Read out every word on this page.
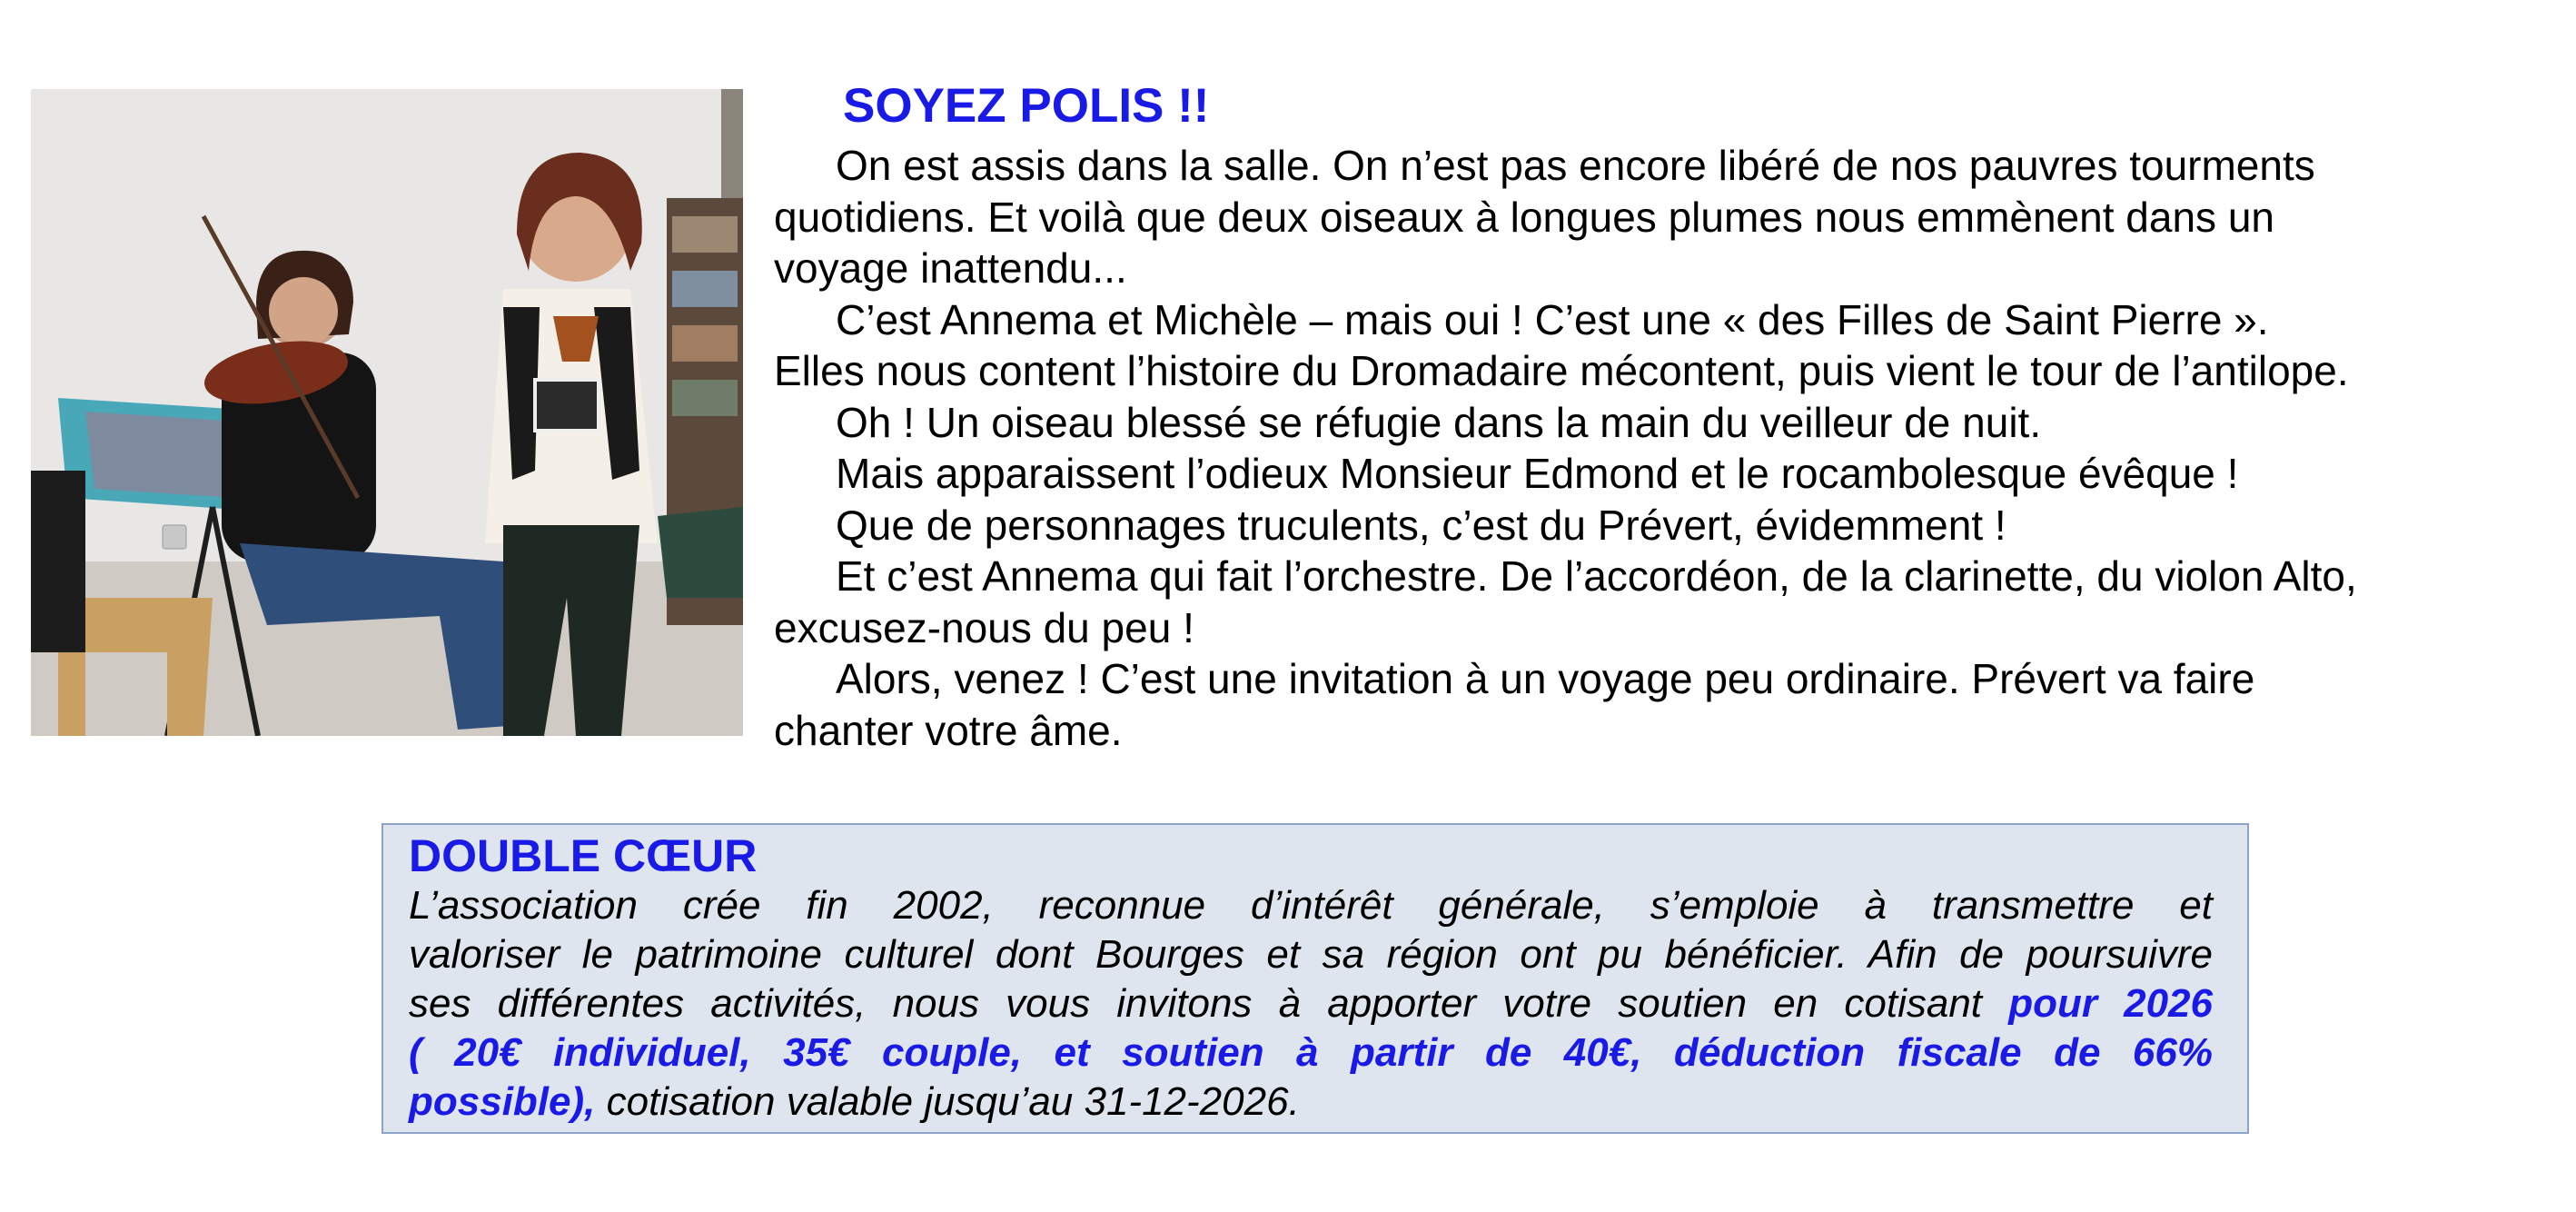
SOYEZ POLIS !!

On est assis dans la salle. On n’est pas encore libéré de nos pauvres tourments
quotidiens. Et voilà que deux oiseaux à longues plumes nous emmènent dans un
voyage inattendu...

C’est Annema et Michèle – mais oui ! C’est une « des Filles de Saint Pierre ».
Elles nous content l’histoire du Dromadaire mécontent, puis vient le tour de l’antilope.

Oh ! Un oiseau blessé se réfugie dans la main du veilleur de nuit.

Mais apparaissent l’odieux Monsieur Edmond et le rocambolesque évêque !

Que de personnages truculents, c’est du Prévert, évidemment !

Et c’est Annema qui fait l’orchestre. De l’accordéon, de la clarinette, du violon Alto,
excusez-nous du peu !

Alors, venez ! C’est une invitation à un voyage peu ordinaire. Prévert va faire
chanter votre âme.

DOUBLE CŒUR
L’association crée fin 2002, reconnue d’intérêt générale, s’emploie à transmettre et
valoriser le patrimoine culturel dont Bourges et sa région ont pu bénéficier. Afin de poursuivre
ses différentes activités, nous vous invitons à apporter votre soutien en cotisant pour 2026
( 20€ individuel, 35€ couple, et soutien à partir de 40€, déduction fiscale de 66%
possible), cotisation valable jusqu’au 31-12-2026.
